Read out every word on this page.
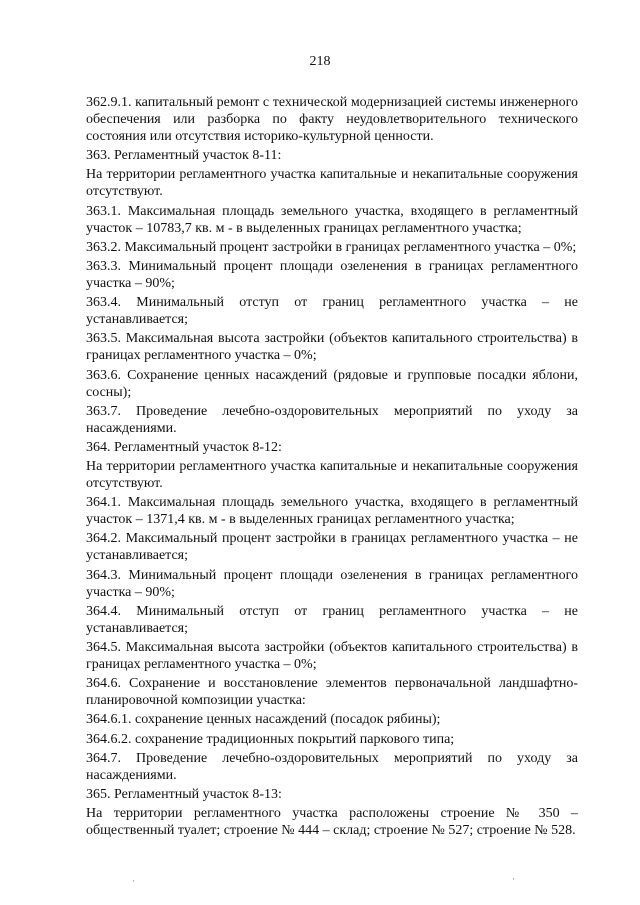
218

362.9.1. капитальный ремонт с технической модернизацией системы инженерного обеспечения или разборка по факту неудовлетворительного технического состояния или отсутствия историко-культурной ценности.

363. Регламентный участок 8-11:

На территории регламентного участка капитальные и некапитальные сооружения отсутствуют.

363.1. Максимальная площадь земельного участка, входящего в регламентный участок – 10783,7 кв. м - в выделенных границах регламентного участка;

363.2. Максимальный процент застройки в границах регламентного участка – 0%;

363.3. Минимальный процент площади озеленения в границах регламентного участка – 90%;

363.4. Минимальный отступ от границ регламентного участка – не устанавливается;

363.5. Максимальная высота застройки (объектов капитального строительства) в границах регламентного участка – 0%;

363.6. Сохранение ценных насаждений (рядовые и групповые посадки яблони, сосны);

363.7. Проведение лечебно-оздоровительных мероприятий по уходу за насаждениями.

364. Регламентный участок 8-12:

На территории регламентного участка капитальные и некапитальные сооружения отсутствуют.

364.1. Максимальная площадь земельного участка, входящего в регламентный участок – 1371,4 кв. м - в выделенных границах регламентного участка;

364.2. Максимальный процент застройки в границах регламентного участка – не устанавливается;

364.3. Минимальный процент площади озеленения в границах регламентного участка – 90%;

364.4. Минимальный отступ от границ регламентного участка – не устанавливается;

364.5. Максимальная высота застройки (объектов капитального строительства) в границах регламентного участка – 0%;

364.6. Сохранение и восстановление элементов первоначальной ландшафтно-планировочной композиции участка:

364.6.1. сохранение ценных насаждений (посадок рябины);

364.6.2. сохранение традиционных покрытий паркового типа;

364.7. Проведение лечебно-оздоровительных мероприятий по уходу за насаждениями.

365. Регламентный участок 8-13:

На территории регламентного участка расположены строение № 350 – общественный туалет; строение № 444 – склад; строение № 527; строение № 528.

·	·
